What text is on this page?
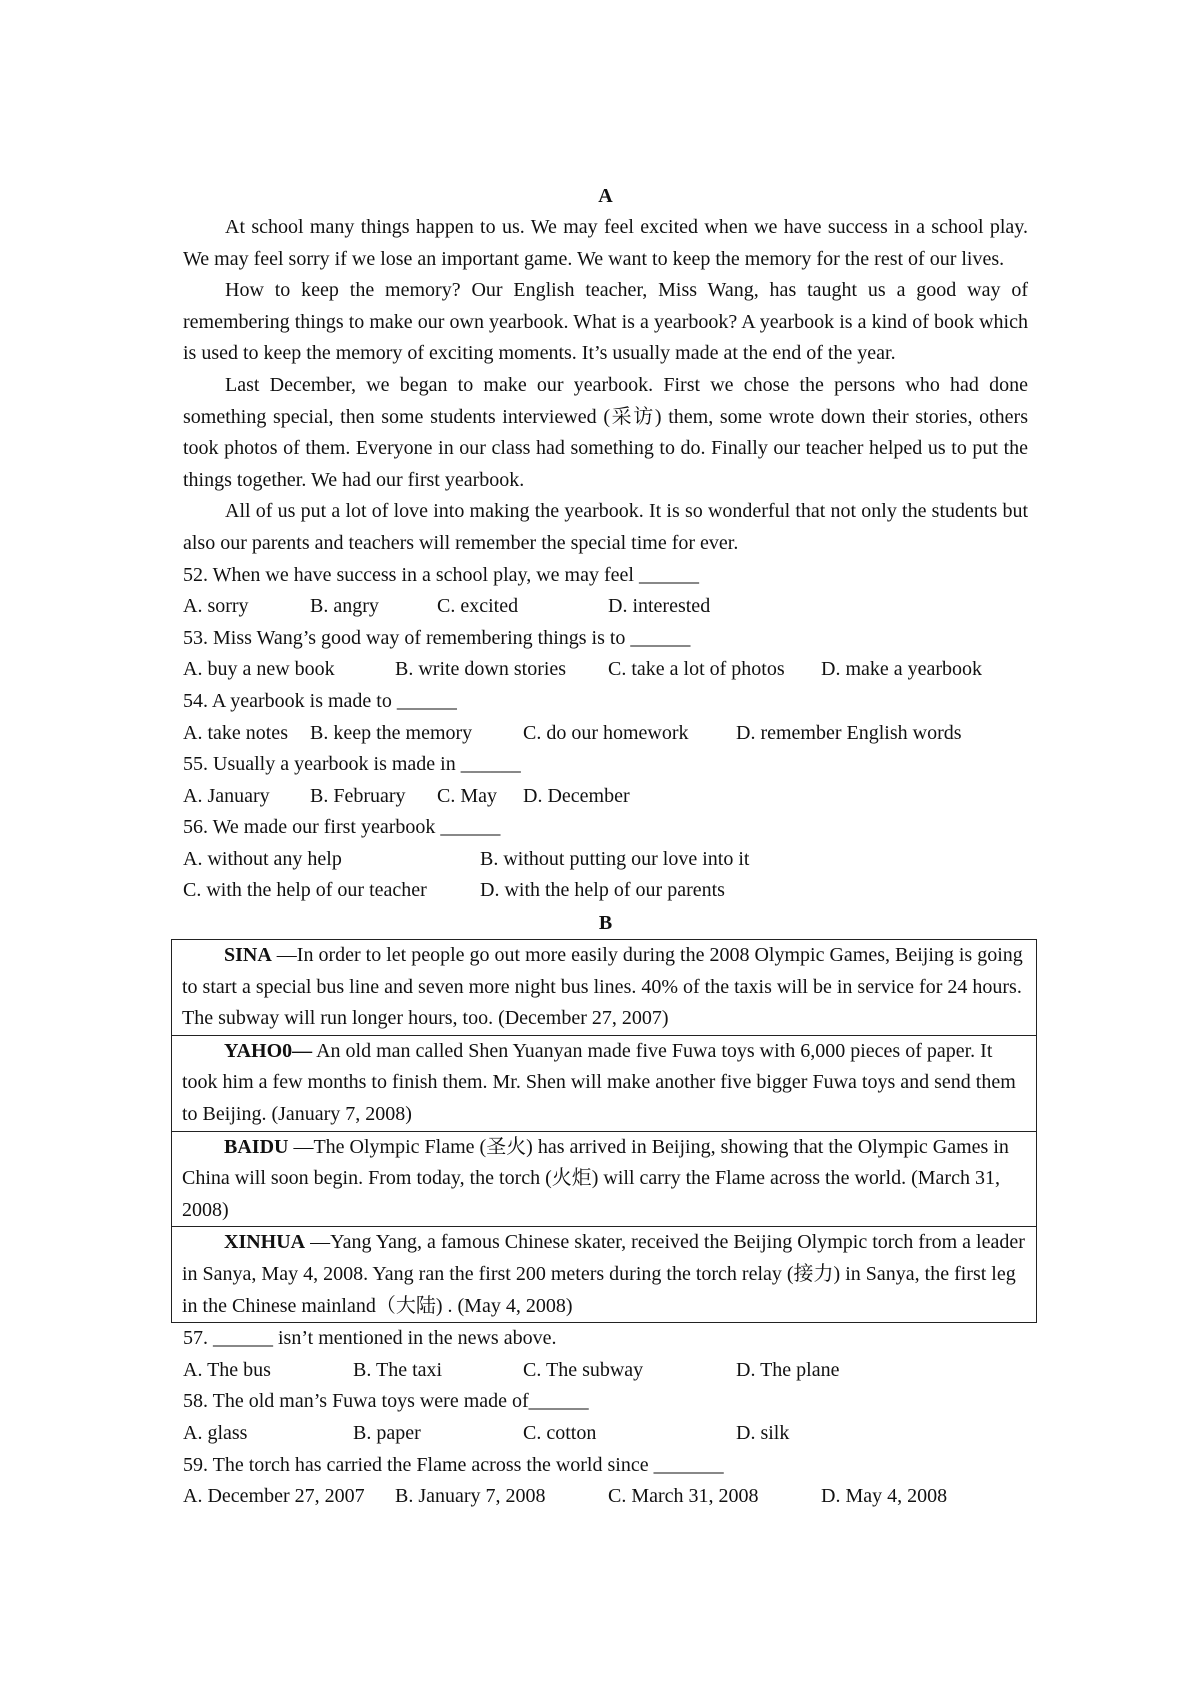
A

At school many things happen to us. We may feel excited when we have success in a school play. We may feel sorry if we lose an important game. We want to keep the memory for the rest of our lives.

How to keep the memory? Our English teacher, Miss Wang, has taught us a good way of remembering things to make our own yearbook. What is a yearbook? A yearbook is a kind of book which is used to keep the memory of exciting moments. It’s usually made at the end of the year.

Last December, we began to make our yearbook. First we chose the persons who had done something special, then some students interviewed (采访) them, some wrote down their stories, others took photos of them. Everyone in our class had something to do. Finally our teacher helped us to put the things together. We had our first yearbook.

All of us put a lot of love into making the yearbook. It is so wonderful that not only the students but also our parents and teachers will remember the special time for ever.

52. When we have success in a school play, we may feel ______
A. sorry	B. angry	C. excited	D. interested
53. Miss Wang’s good way of remembering things is to ______
A. buy a new book	B. write down stories C. take a lot of photos D. make a yearbook
54. A yearbook is made to ______
A. take notes B. keep the memory	C. do our homework D. remember English words
55. Usually a yearbook is made in ______
A. January B. February C. May D. December
56. We made our first yearbook ______
A. without any help	B. without putting our love into it
C. with the help of our teacher	D. with the help of our parents
B
SINA —In order to let people go out more easily during the 2008 Olympic Games, Beijing is going to start a special bus line and seven more night bus lines. 40% of the taxis will be in service for 24 hours. The subway will run longer hours, too. (December 27, 2007)
YAHO0— An old man called Shen Yuanyan made five Fuwa toys with 6,000 pieces of paper. It took him a few months to finish them. Mr. Shen will make another five bigger Fuwa toys and send them to Beijing. (January 7, 2008)
BAIDU —The Olympic Flame (圣火) has arrived in Beijing, showing that the Olympic Games in China will soon begin. From today, the torch (火炬) will carry the Flame across the world. (March 31, 2008)
XINHUA —Yang Yang, a famous Chinese skater, received the Beijing Olympic torch from a leader in Sanya, May 4, 2008. Yang ran the first 200 meters during the torch relay (接力) in Sanya, the first leg in the Chinese mainland（大陆) . (May 4, 2008)
57. ______ isn’t mentioned in the news above.
A. The bus	B. The taxi	C. The subway	D. The plane
58. The old man’s Fuwa toys were made of______
A. glass	B. paper	C. cotton	D. silk
59. The torch has carried the Flame across the world since _______
A. December 27, 2007 B. January 7, 2008	C. March 31, 2008	D. May 4, 2008
